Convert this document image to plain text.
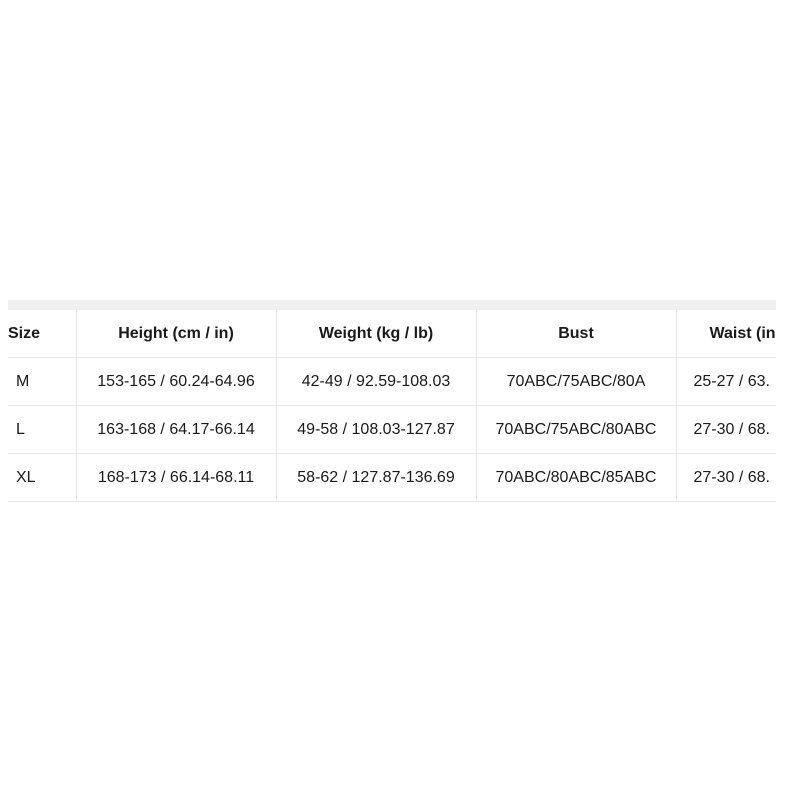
Size	Height (cm / in)	Weight (kg / lb)	Bust	Waist (in
M	153-165 / 60.24-64.96	42-49 / 92.59-108.03	70ABC/75ABC/80A	25-27 / 63.
L	163-168 / 64.17-66.14	49-58 / 108.03-127.87	70ABC/75ABC/80ABC	27-30 / 68.
XL	168-173 / 66.14-68.11	58-62 / 127.87-136.69	70ABC/80ABC/85ABC	27-30 / 68.
